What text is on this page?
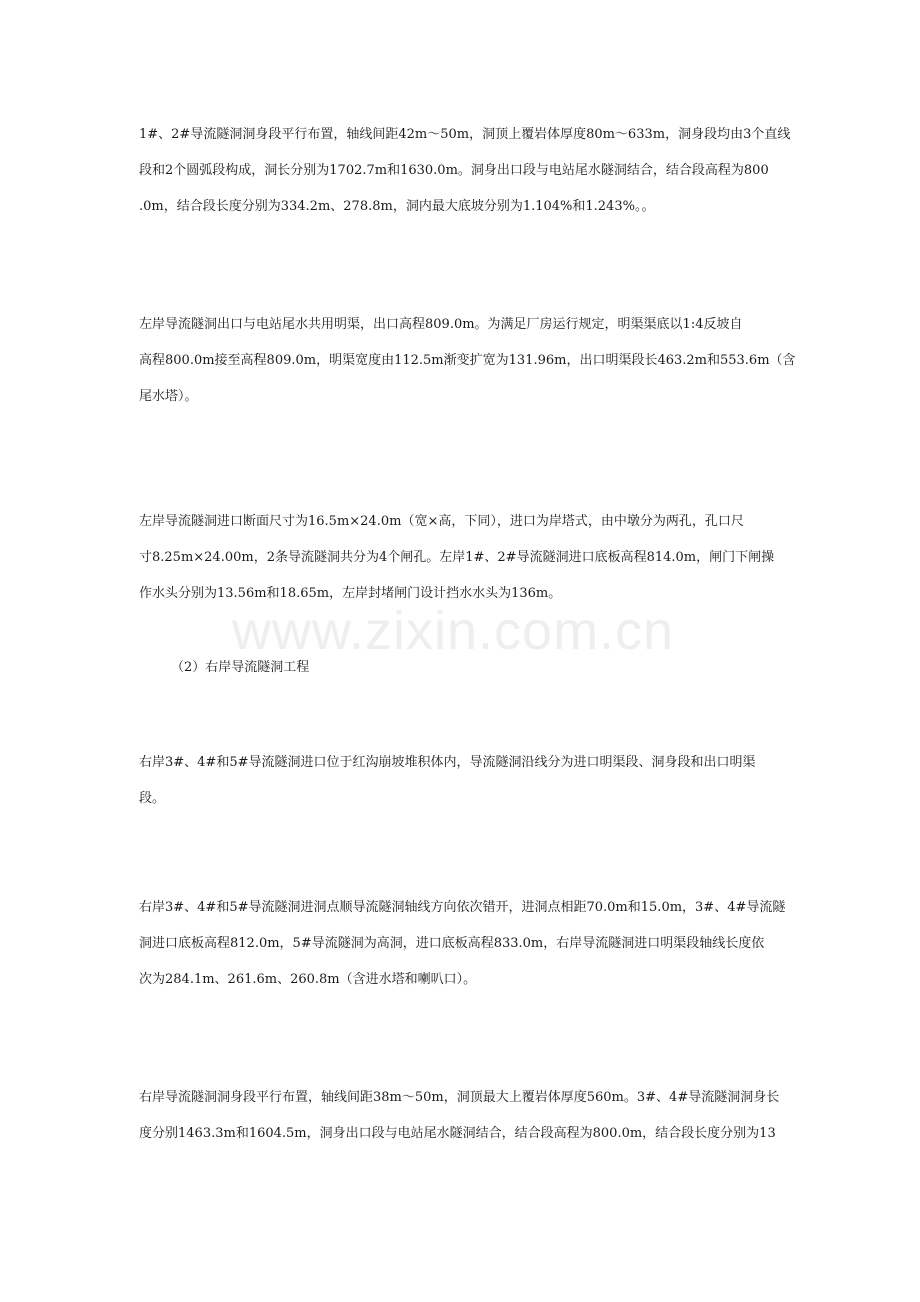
1#、2#导流隧洞洞身段平行布置，轴线间距42m～50m，洞顶上覆岩体厚度80m～633m，洞身段均由3个直线
段和2个圆弧段构成，洞长分别为1702.7m和1630.0m。洞身出口段与电站尾水隧洞结合，结合段高程为800
.0m，结合段长度分别为334.2m、278.8m，洞内最大底坡分别为1.104%和1.243%。。
左岸导流隧洞出口与电站尾水共用明渠，出口高程809.0m。为满足厂房运行规定，明渠渠底以1:4反坡自
高程800.0m接至高程809.0m，明渠宽度由112.5m渐变扩宽为131.96m，出口明渠段长463.2m和553.6m（含
尾水塔）。
左岸导流隧洞进口断面尺寸为16.5m×24.0m（宽×高，下同），进口为岸塔式，由中墩分为两孔，孔口尺
寸8.25m×24.00m，2条导流隧洞共分为4个闸孔。左岸1#、2#导流隧洞进口底板高程814.0m，闸门下闸操
作水头分别为13.56m和18.65m，左岸封堵闸门设计挡水水头为136m。
（2）右岸导流隧洞工程
右岸3#、4#和5#导流隧洞进口位于红沟崩坡堆积体内，导流隧洞沿线分为进口明渠段、洞身段和出口明渠
段。
右岸3#、4#和5#导流隧洞进洞点顺导流隧洞轴线方向依次错开，进洞点相距70.0m和15.0m，3#、4#导流隧
洞进口底板高程812.0m，5#导流隧洞为高洞，进口底板高程833.0m，右岸导流隧洞进口明渠段轴线长度依
次为284.1m、261.6m、260.8m（含进水塔和喇叭口）。
右岸导流隧洞洞身段平行布置，轴线间距38m～50m，洞顶最大上覆岩体厚度560m。3#、4#导流隧洞洞身长
度分别1463.3m和1604.5m，洞身出口段与电站尾水隧洞结合，结合段高程为800.0m，结合段长度分别为13
www.zixin.com.cn
